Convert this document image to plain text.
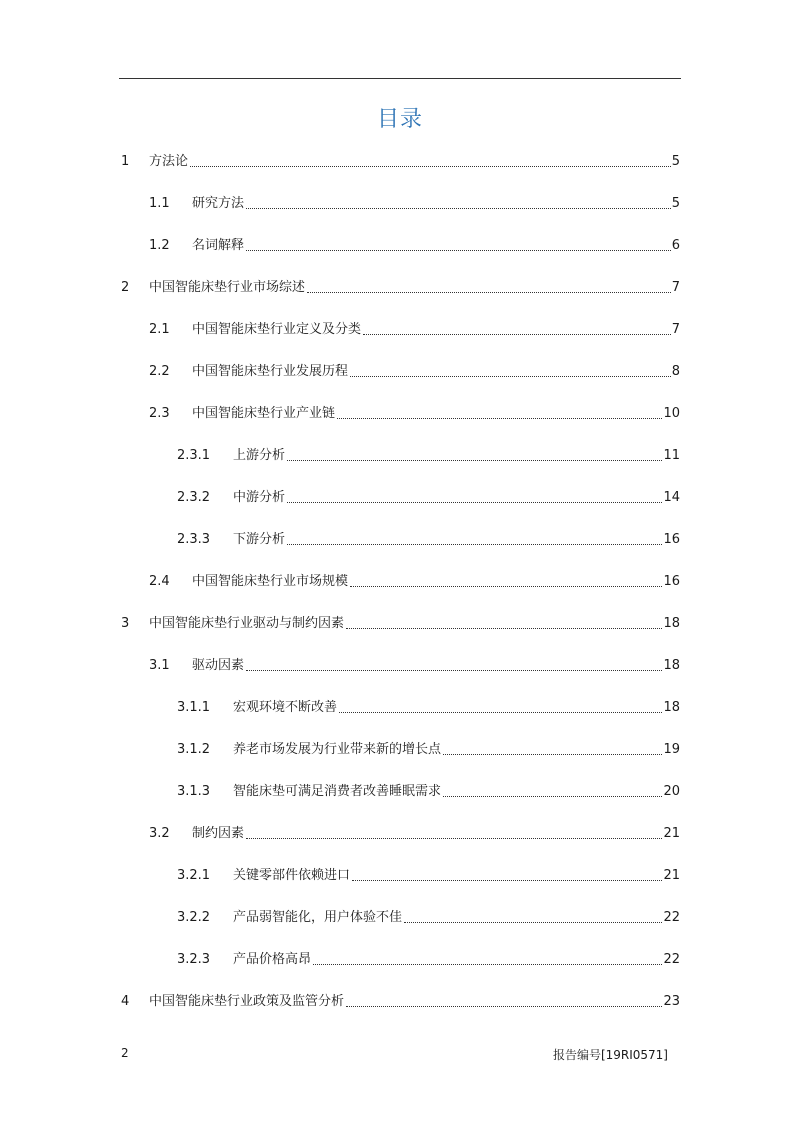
目录
1	方法论	5
1.1	研究方法	5
1.2	名词解释	6
2	中国智能床垫行业市场综述	7
2.1	中国智能床垫行业定义及分类	7
2.2	中国智能床垫行业发展历程	8
2.3	中国智能床垫行业产业链	10
2.3.1	上游分析	11
2.3.2	中游分析	14
2.3.3	下游分析	16
2.4	中国智能床垫行业市场规模	16
3	中国智能床垫行业驱动与制约因素	18
3.1	驱动因素	18
3.1.1	宏观环境不断改善	18
3.1.2	养老市场发展为行业带来新的增长点	19
3.1.3	智能床垫可满足消费者改善睡眠需求	20
3.2	制约因素	21
3.2.1	关键零部件依赖进口	21
3.2.2	产品弱智能化，用户体验不佳	22
3.2.3	产品价格高昂	22
4	中国智能床垫行业政策及监管分析	23
2	报告编号[19RI0571]
